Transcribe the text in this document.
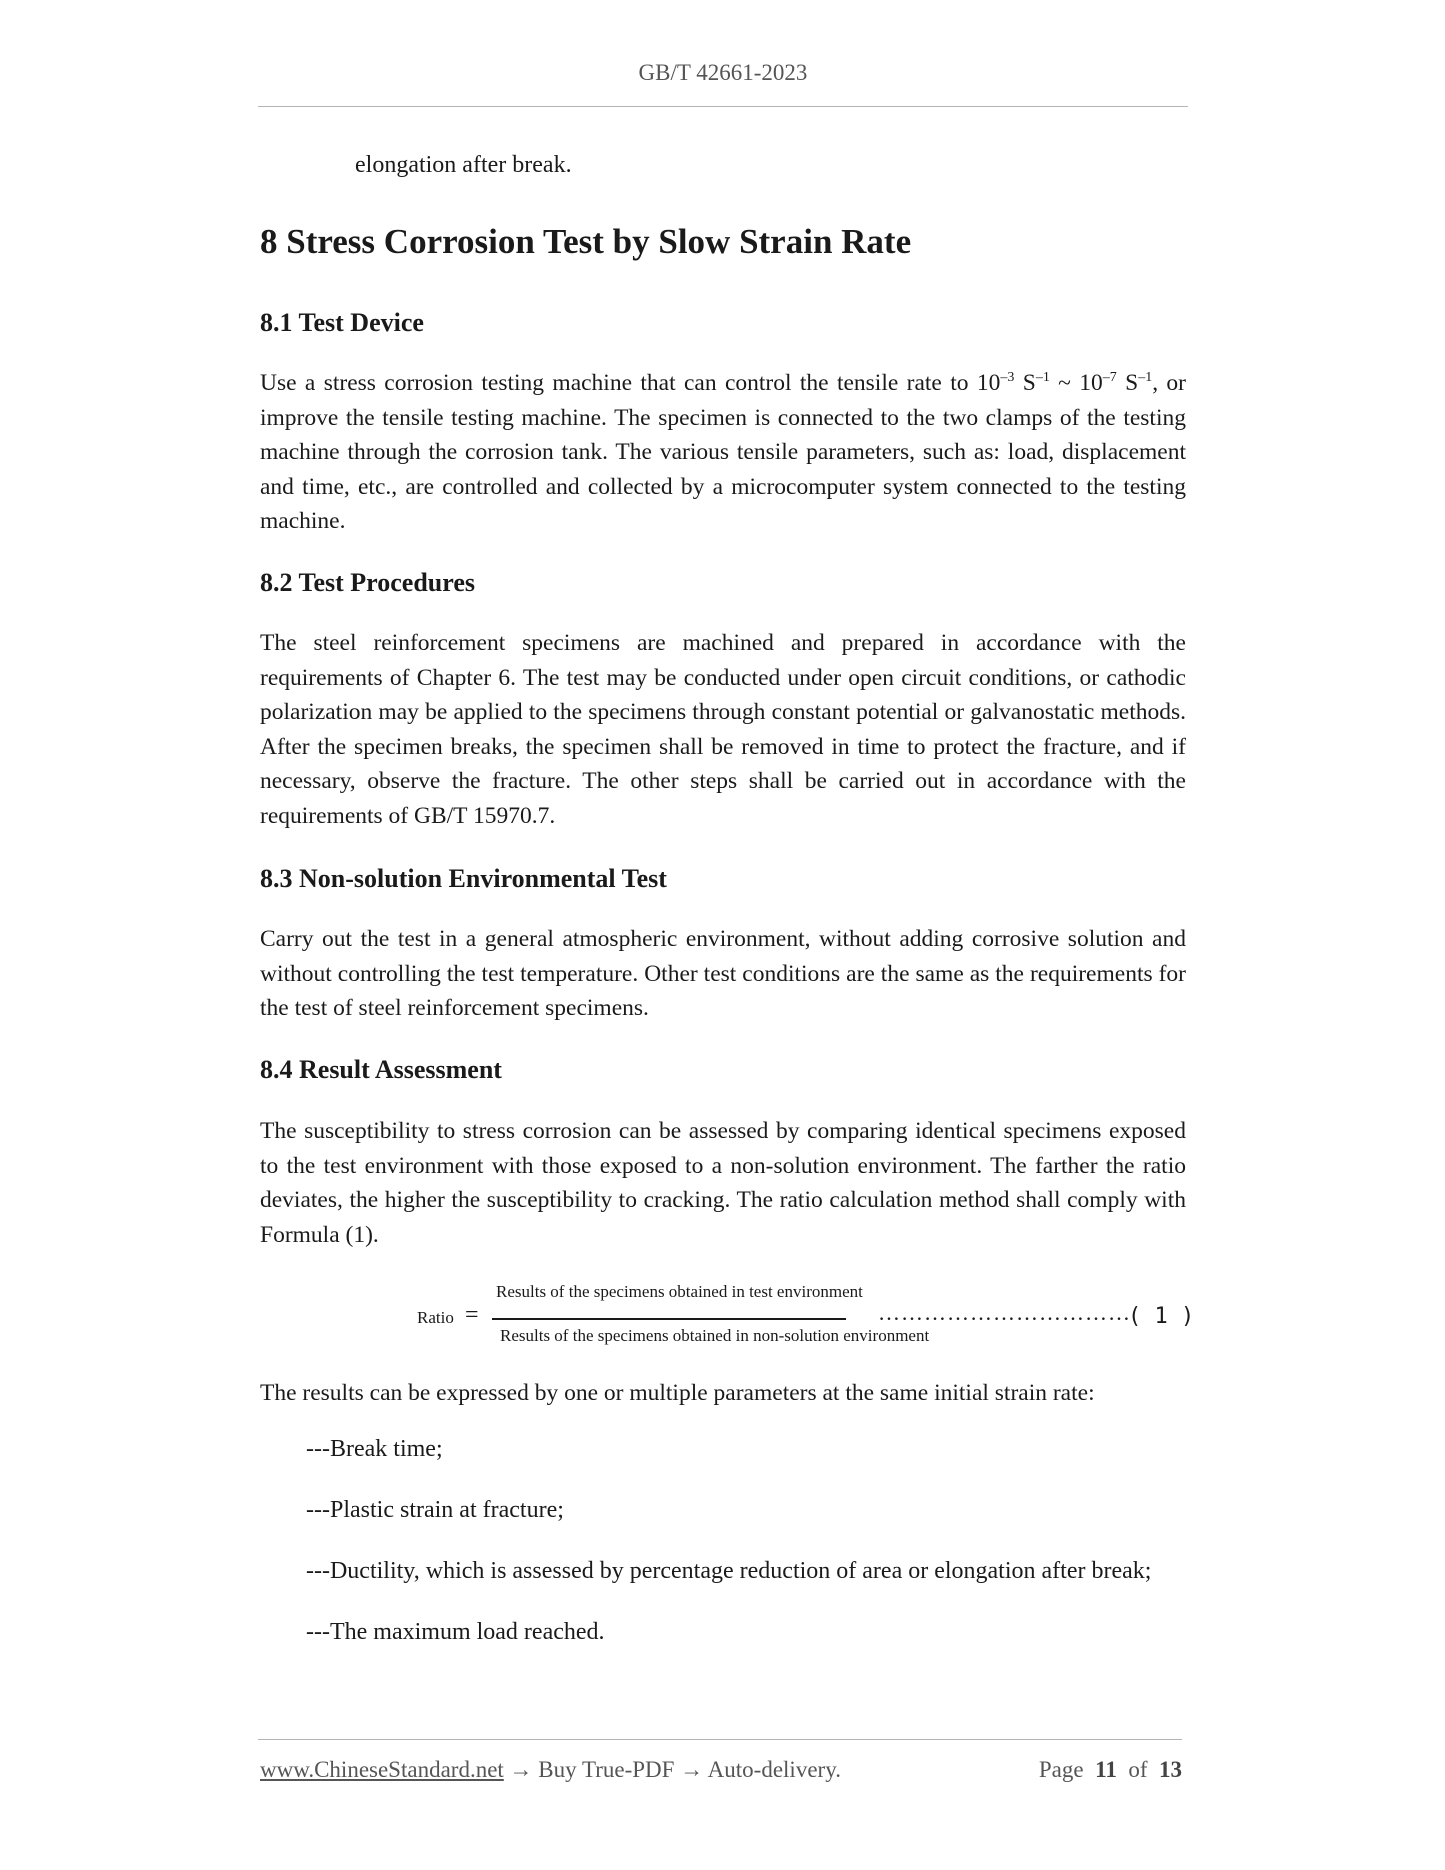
GB/T 42661-2023

elongation after break.

8 Stress Corrosion Test by Slow Strain Rate
8.1 Test Device

Use a stress corrosion testing machine that can control the tensile rate to $10^{-3}$ $S^{-1}$ ~ $10^{-7}$ $S^{-1}$, or improve the tensile testing machine. The specimen is connected to the two clamps of the testing machine through the corrosion tank. The various tensile parameters, such as: load, displacement and time, etc., are controlled and collected by a microcomputer system connected to the testing machine.

8.2 Test Procedures

The steel reinforcement specimens are machined and prepared in accordance with the requirements of Chapter 6. The test may be conducted under open circuit conditions, or cathodic polarization may be applied to the specimens through constant potential or galvanostatic methods. After the specimen breaks, the specimen shall be removed in time to protect the fracture, and if necessary, observe the fracture. The other steps shall be carried out in accordance with the requirements of GB/T 15970.7.

8.3 Non-solution Environmental Test

Carry out the test in a general atmospheric environment, without adding corrosive solution and without controlling the test temperature. Other test conditions are the same as the requirements for the test of steel reinforcement specimens.

8.4 Result Assessment

The susceptibility to stress corrosion can be assessed by comparing identical specimens exposed to the test environment with those exposed to a non-solution environment. The farther the ratio deviates, the higher the susceptibility to cracking. The ratio calculation method shall comply with Formula (1).

Ratio =
Results of the specimens obtained in test environment
Results of the specimens obtained in non-solution environment
……………………………
( 1 )

The results can be expressed by one or multiple parameters at the same initial strain rate:

---Break time;

---Plastic strain at fracture;

---Ductility, which is assessed by percentage reduction of area or elongation after break;

---The maximum load reached.

www.ChineseStandard.net → Buy True-PDF → Auto-delivery.	Page 11 of 13
